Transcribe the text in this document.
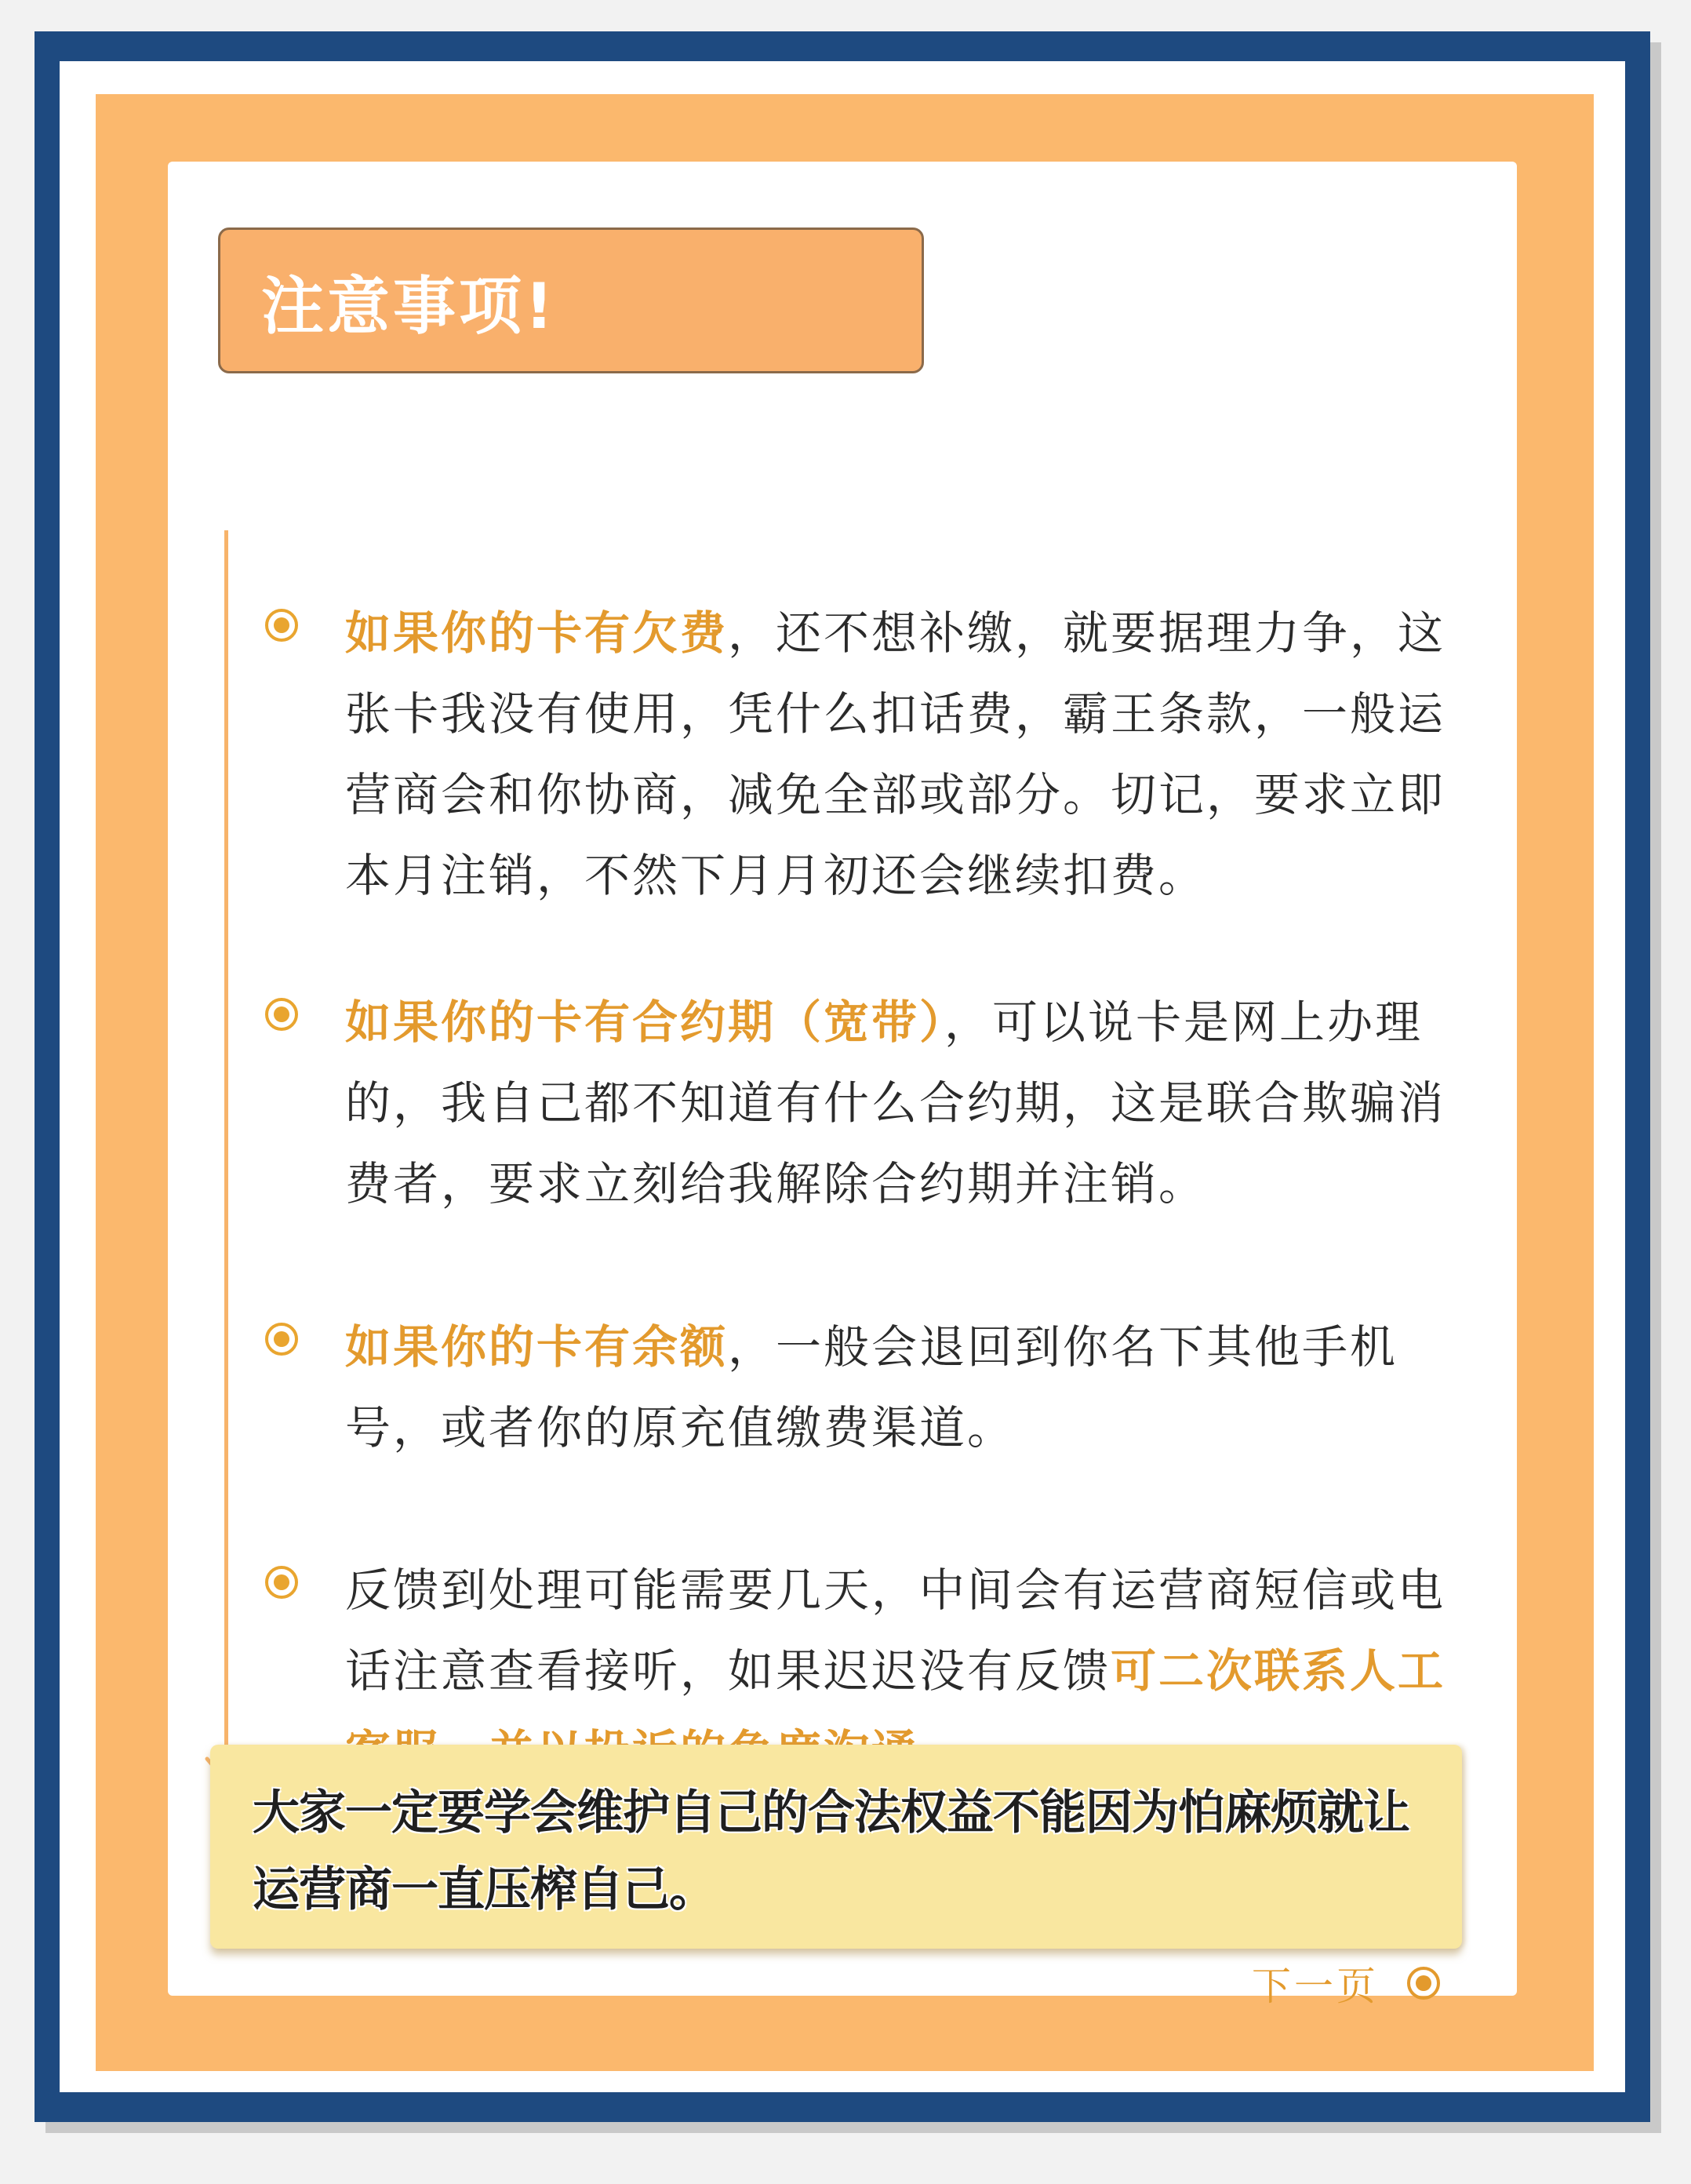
注意事项!
如果你的卡有欠费，还不想补缴，就要据理力争，这张卡我没有使用，凭什么扣话费，霸王条款，一般运营商会和你协商，减免全部或部分。切记，要求立即本月注销，不然下月月初还会继续扣费。
如果你的卡有合约期（宽带），可以说卡是网上办理的，我自己都不知道有什么合约期，这是联合欺骗消费者，要求立刻给我解除合约期并注销。
如果你的卡有余额，一般会退回到你名下其他手机号，或者你的原充值缴费渠道。
反馈到处理可能需要几天，中间会有运营商短信或电话注意查看接听，如果迟迟没有反馈可二次联系人工
大家一定要学会维护自己的合法权益不能因为怕麻烦就让运营商一直压榨自己。
下一页
